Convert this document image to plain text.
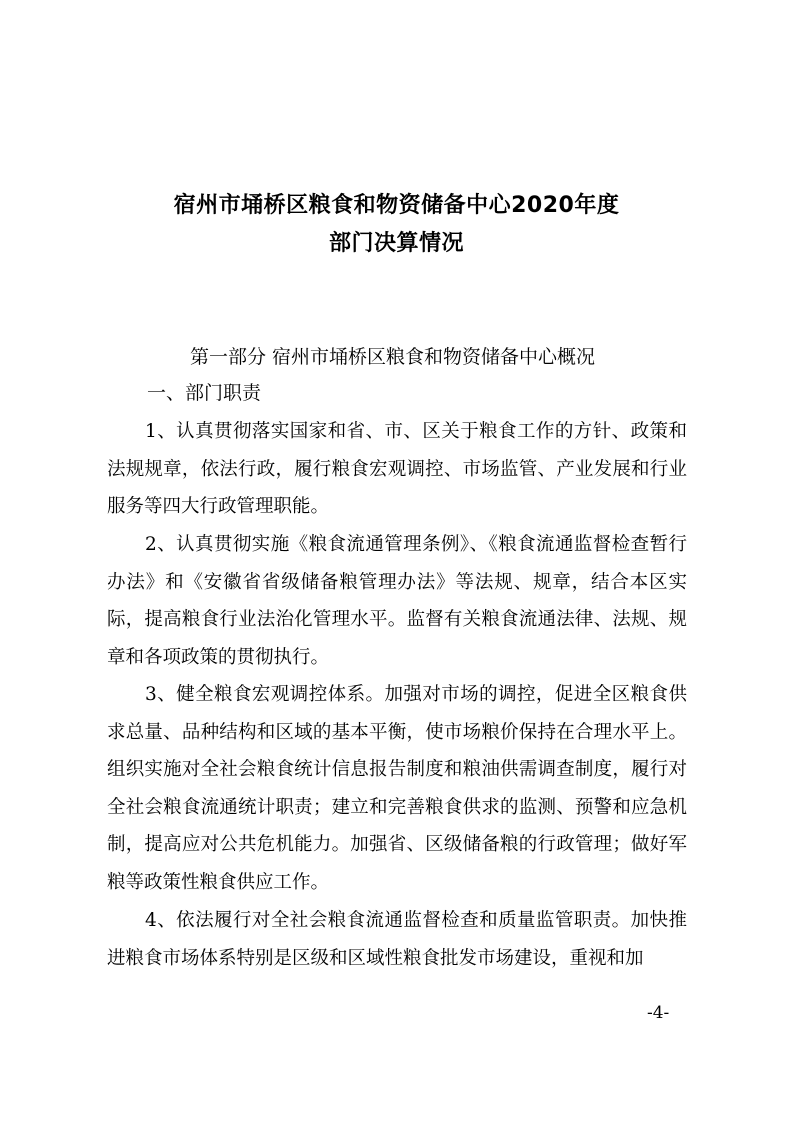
宿州市埇桥区粮食和物资储备中心2020年度
部门决算情况
第一部分 宿州市埇桥区粮食和物资储备中心概况
一、部门职责

1、认真贯彻落实国家和省、市、区关于粮食工作的方针、政策和法规规章，依法行政，履行粮食宏观调控、市场监管、产业发展和行业服务等四大行政管理职能。

2、认真贯彻实施《粮食流通管理条例》、《粮食流通监督检查暂行办法》和《安徽省省级储备粮管理办法》等法规、规章，结合本区实际，提高粮食行业法治化管理水平。监督有关粮食流通法律、法规、规章和各项政策的贯彻执行。

3、健全粮食宏观调控体系。加强对市场的调控，促进全区粮食供求总量、品种结构和区域的基本平衡，使市场粮价保持在合理水平上。组织实施对全社会粮食统计信息报告制度和粮油供需调查制度，履行对全社会粮食流通统计职责；建立和完善粮食供求的监测、预警和应急机制，提高应对公共危机能力。加强省、区级储备粮的行政管理；做好军粮等政策性粮食供应工作。

4、依法履行对全社会粮食流通监督检查和质量监管职责。加快推进粮食市场体系特别是区级和区域性粮食批发市场建设，重视和加

-4-
